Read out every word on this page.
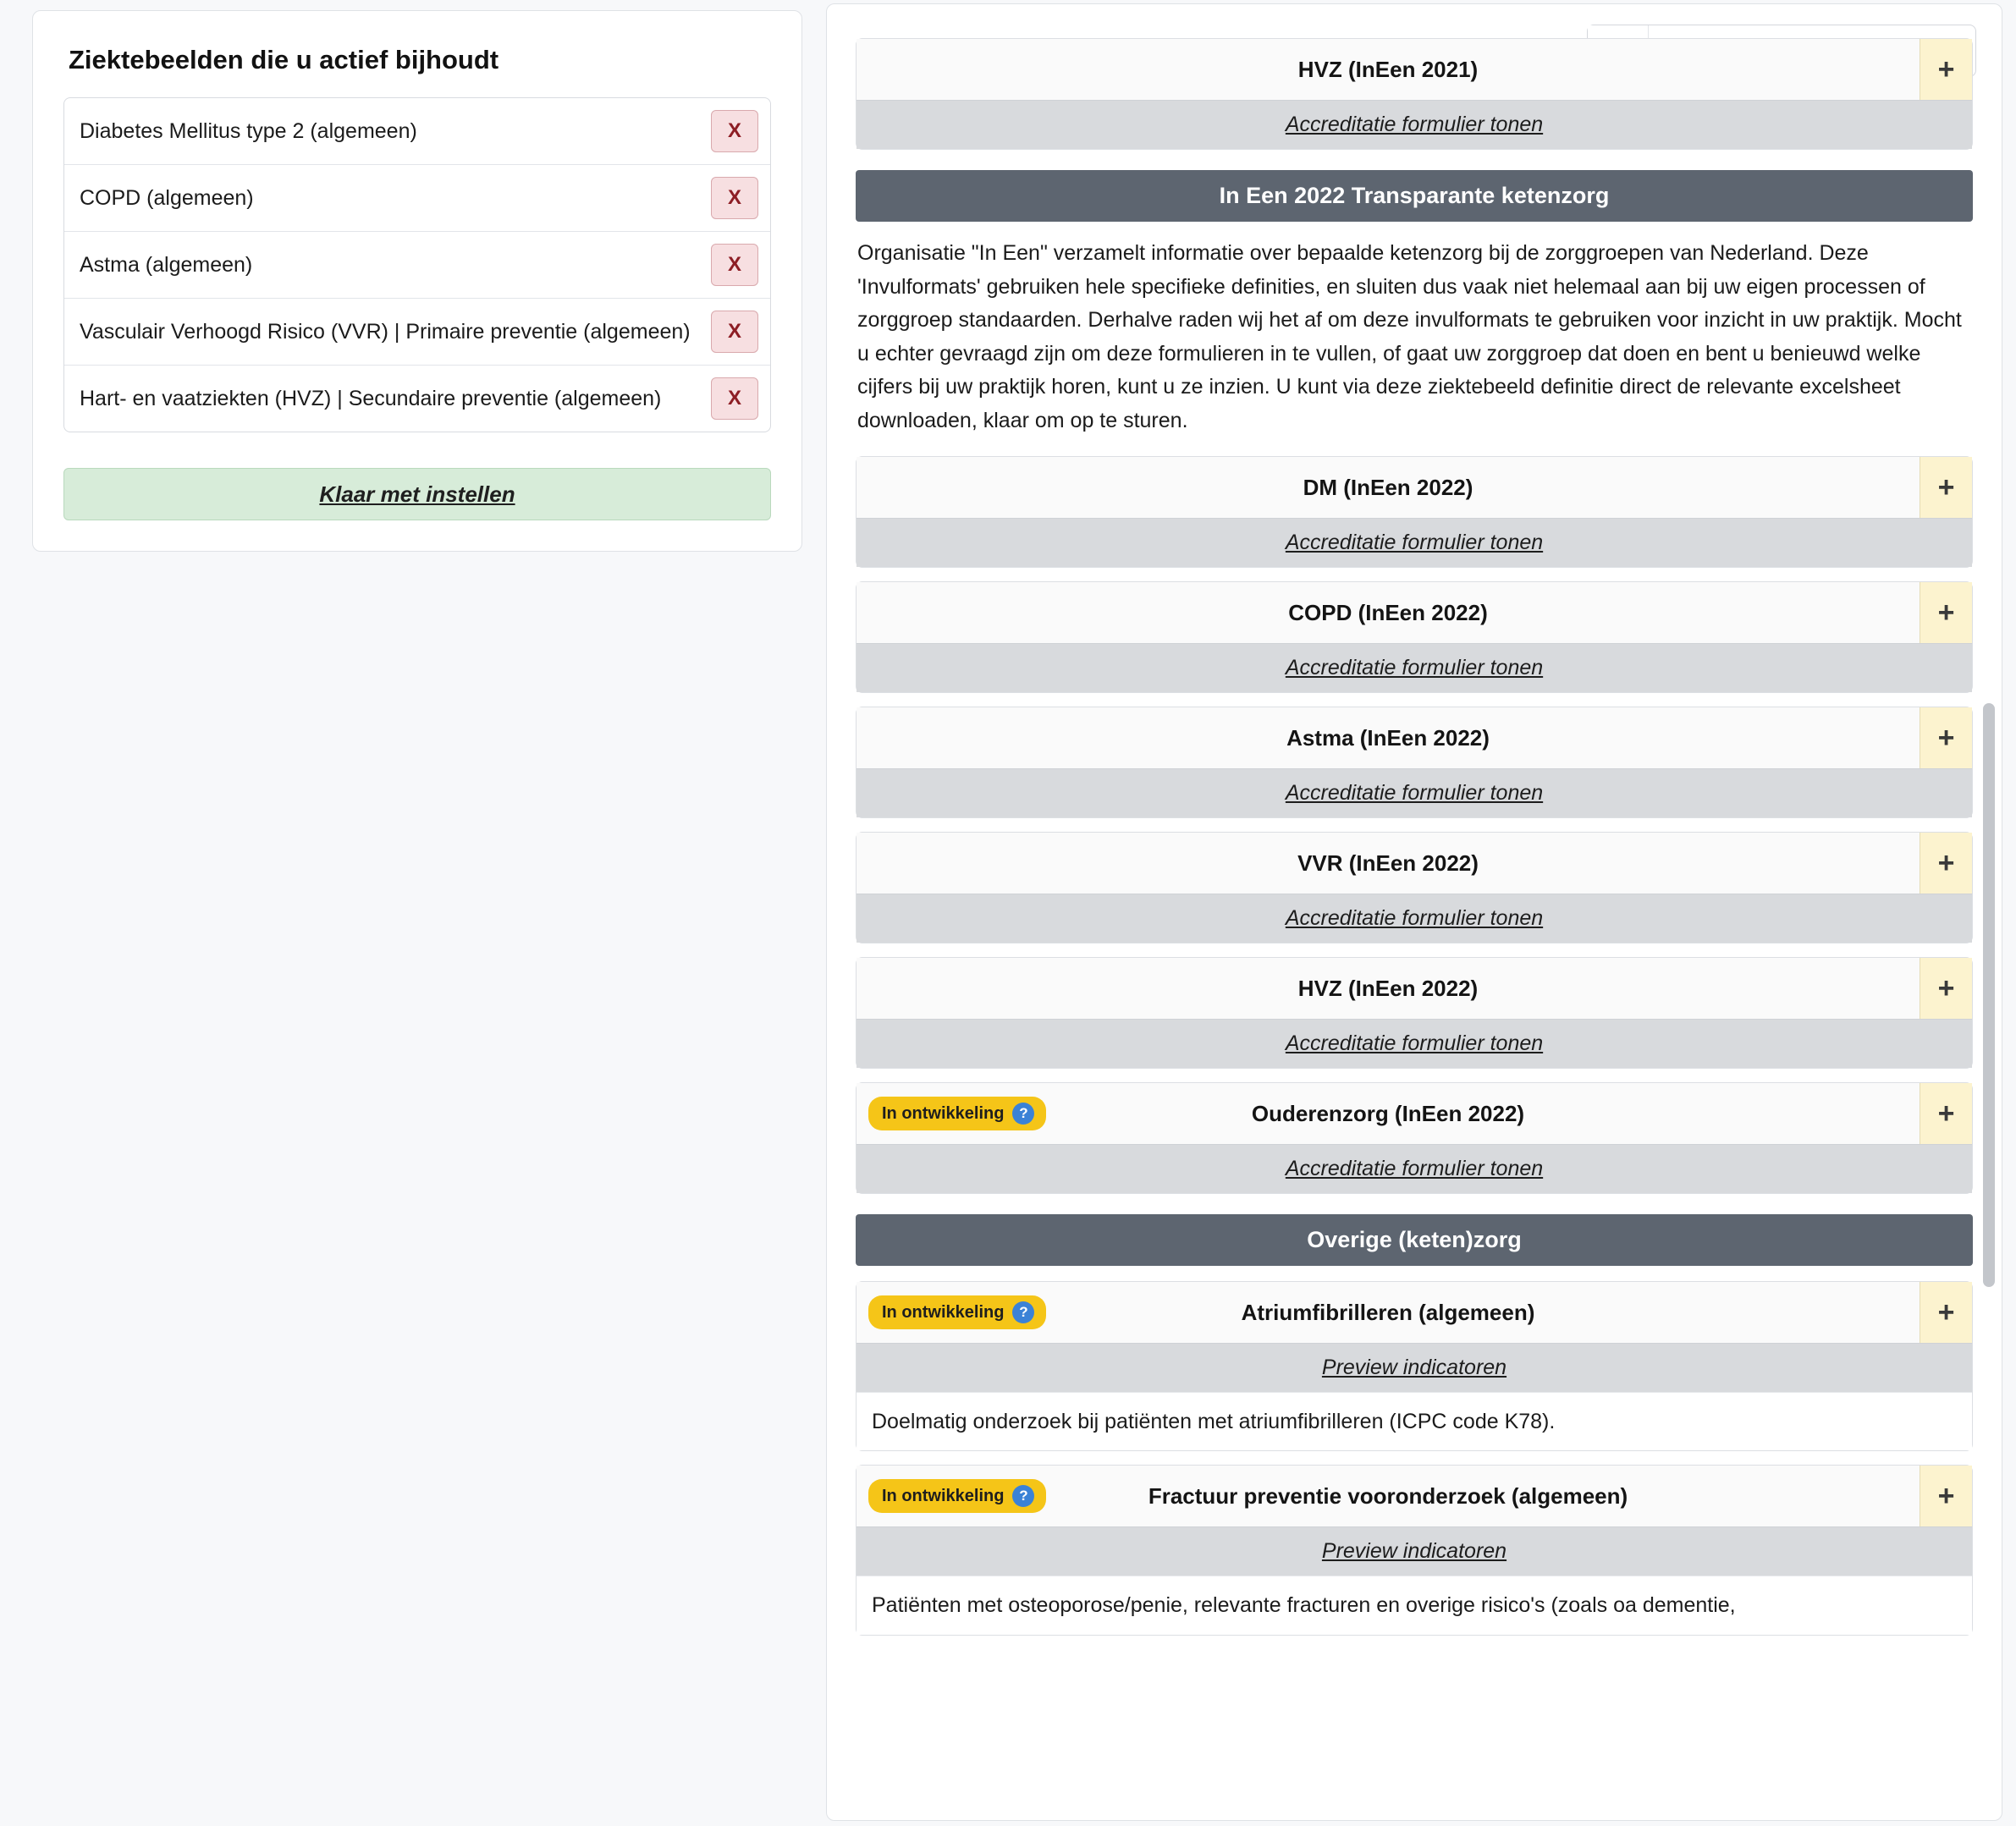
Ziektebeelden die u actief bijhoudt
Diabetes Mellitus type 2 (algemeen)	X
COPD (algemeen)	X
Astma (algemeen)	X
Vasculair Verhoogd Risico (VVR) | Primaire preventie (algemeen)	X
Hart- en vaatziekten (HVZ) | Secundaire preventie (algemeen)	X
Klaar met instellen
Zoeken
HVZ (InEen 2021)	+
Accreditatie formulier tonen
In Een 2022 Transparante ketenzorg

Organisatie "In Een" verzamelt informatie over bepaalde ketenzorg bij de zorggroepen van Nederland. Deze 'Invulformats' gebruiken hele specifieke definities, en sluiten dus vaak niet helemaal aan bij uw eigen processen of zorggroep standaarden. Derhalve raden wij het af om deze invulformats te gebruiken voor inzicht in uw praktijk. Mocht u echter gevraagd zijn om deze formulieren in te vullen, of gaat uw zorggroep dat doen en bent u benieuwd welke cijfers bij uw praktijk horen, kunt u ze inzien. U kunt via deze ziektebeeld definitie direct de relevante excelsheet downloaden, klaar om op te sturen.

DM (InEen 2022)	+
Accreditatie formulier tonen
COPD (InEen 2022)	+
Accreditatie formulier tonen
Astma (InEen 2022)	+
Accreditatie formulier tonen
VVR (InEen 2022)	+
Accreditatie formulier tonen
HVZ (InEen 2022)	+
Accreditatie formulier tonen
In ontwikkeling	?	Ouderenzorg (InEen 2022)	+
Accreditatie formulier tonen
Overige (keten)zorg
In ontwikkeling	?	Atriumfibrilleren (algemeen)	+
Preview indicatoren
Doelmatig onderzoek bij patiënten met atriumfibrilleren (ICPC code K78).
In ontwikkeling	?	Fractuur preventie vooronderzoek (algemeen)	+
Preview indicatoren
Patiënten met osteoporose/penie, relevante fracturen en overige risico's (zoals oa dementie,
